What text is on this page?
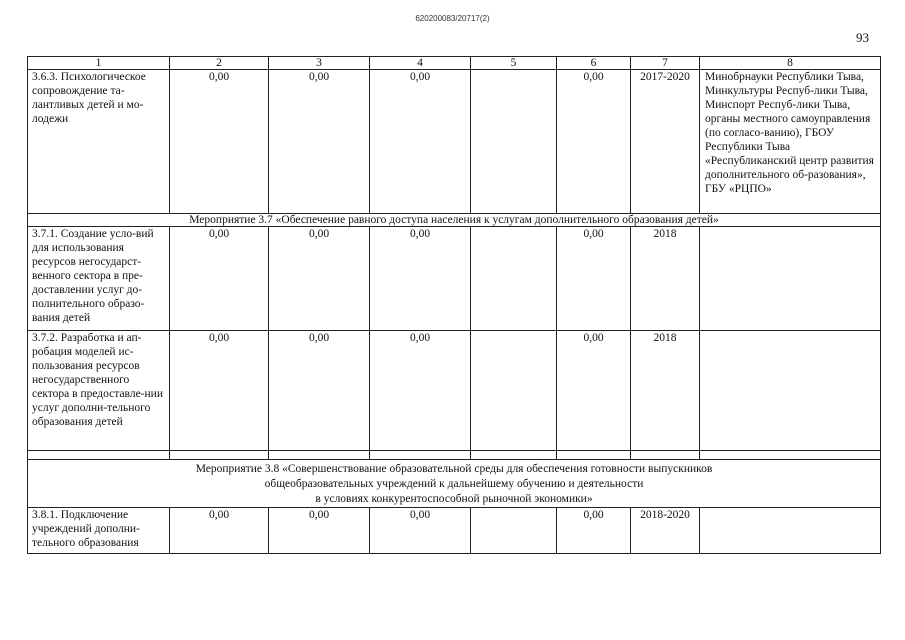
620200083/20717(2)
93
1	2	3	4	5	6	7	8
3.6.3. Психологическое сопровождение та-лантливых детей и мо-лодежи	0,00	0,00	0,00		0,00	2017-2020	Минобрнауки Республики Тыва, Минкультуры Респуб-лики Тыва, Минспорт Респуб-лики Тыва, органы местного самоуправления (по согласо-ванию), ГБОУ Республики Тыва «Республиканский центр развития дополнительного об-разования», ГБУ «РЦПО»
Мероприятие 3.7 «Обеспечение равного доступа населения к услугам дополнительного образования детей»							
3.7.1. Создание усло-вий для использования ресурсов негосударст-венного сектора в пре-доставлении услуг до-полнительного образо-вания детей	0,00	0,00	0,00		0,00	2018	
3.7.2. Разработка и ап-робация моделей ис-пользования ресурсов негосударственного сектора в предоставле-нии услуг дополни-тельного образования детей	0,00	0,00	0,00		0,00	2018	

Мероприятие 3.8 «Совершенствование образовательной среды для обеспечения готовности выпускников
общеобразовательных учреждений к дальнейшему обучению и деятельности
в условиях конкурентоспособной рыночной экономики»							

3.8.1. Подключение учреждений дополни-тельного образования	0,00	0,00	0,00		0,00	2018-2020	
